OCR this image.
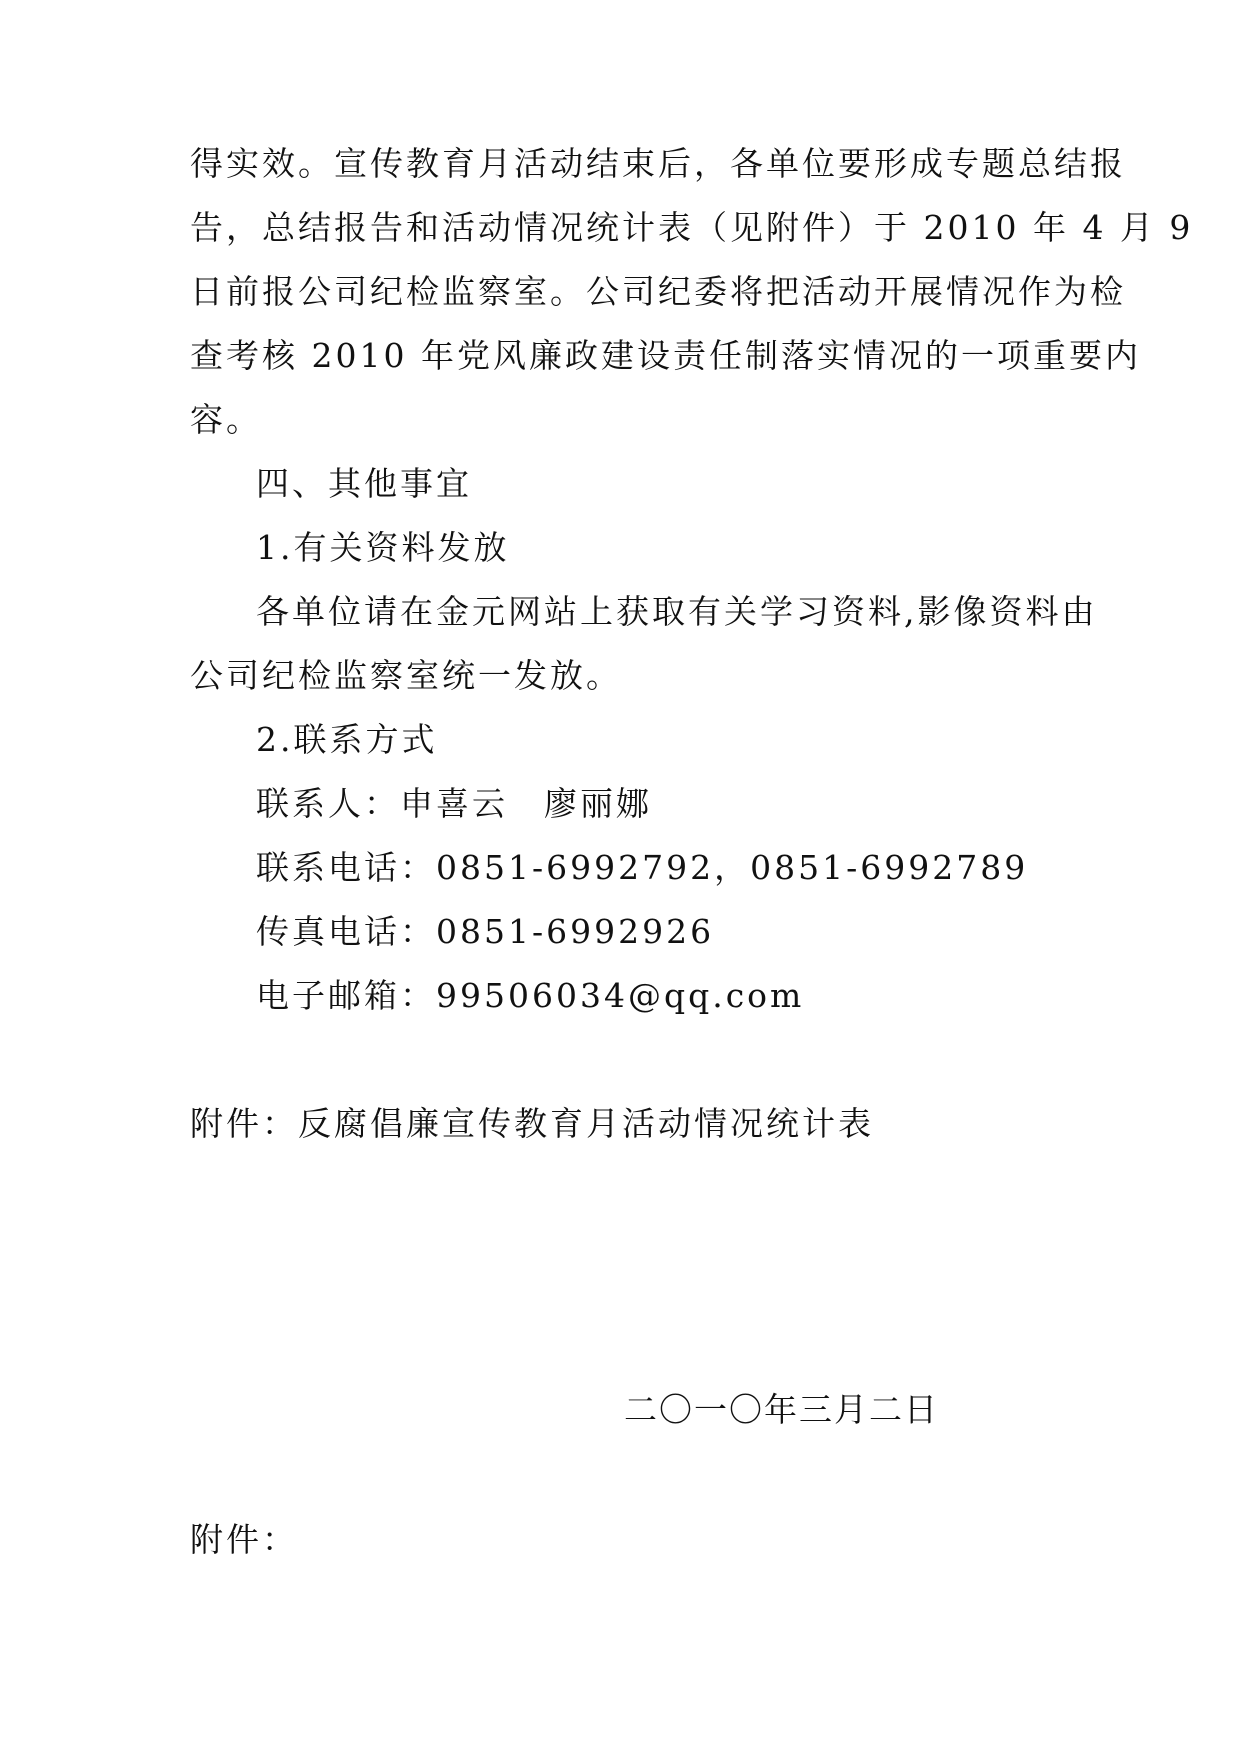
得实效。宣传教育月活动结束后，各单位要形成专题总结报
告，总结报告和活动情况统计表（见附件）于 2010 年 4 月 9
日前报公司纪检监察室。公司纪委将把活动开展情况作为检
查考核 2010 年党风廉政建设责任制落实情况的一项重要内
容。
四、其他事宜
1.有关资料发放
各单位请在金元网站上获取有关学习资料,影像资料由
公司纪检监察室统一发放。
2.联系方式
联系人：申喜云　廖丽娜
联系电话：0851-6992792，0851-6992789
传真电话：0851-6992926
电子邮箱：99506034@qq.com
附件：反腐倡廉宣传教育月活动情况统计表
二〇一〇年三月二日
附件：
